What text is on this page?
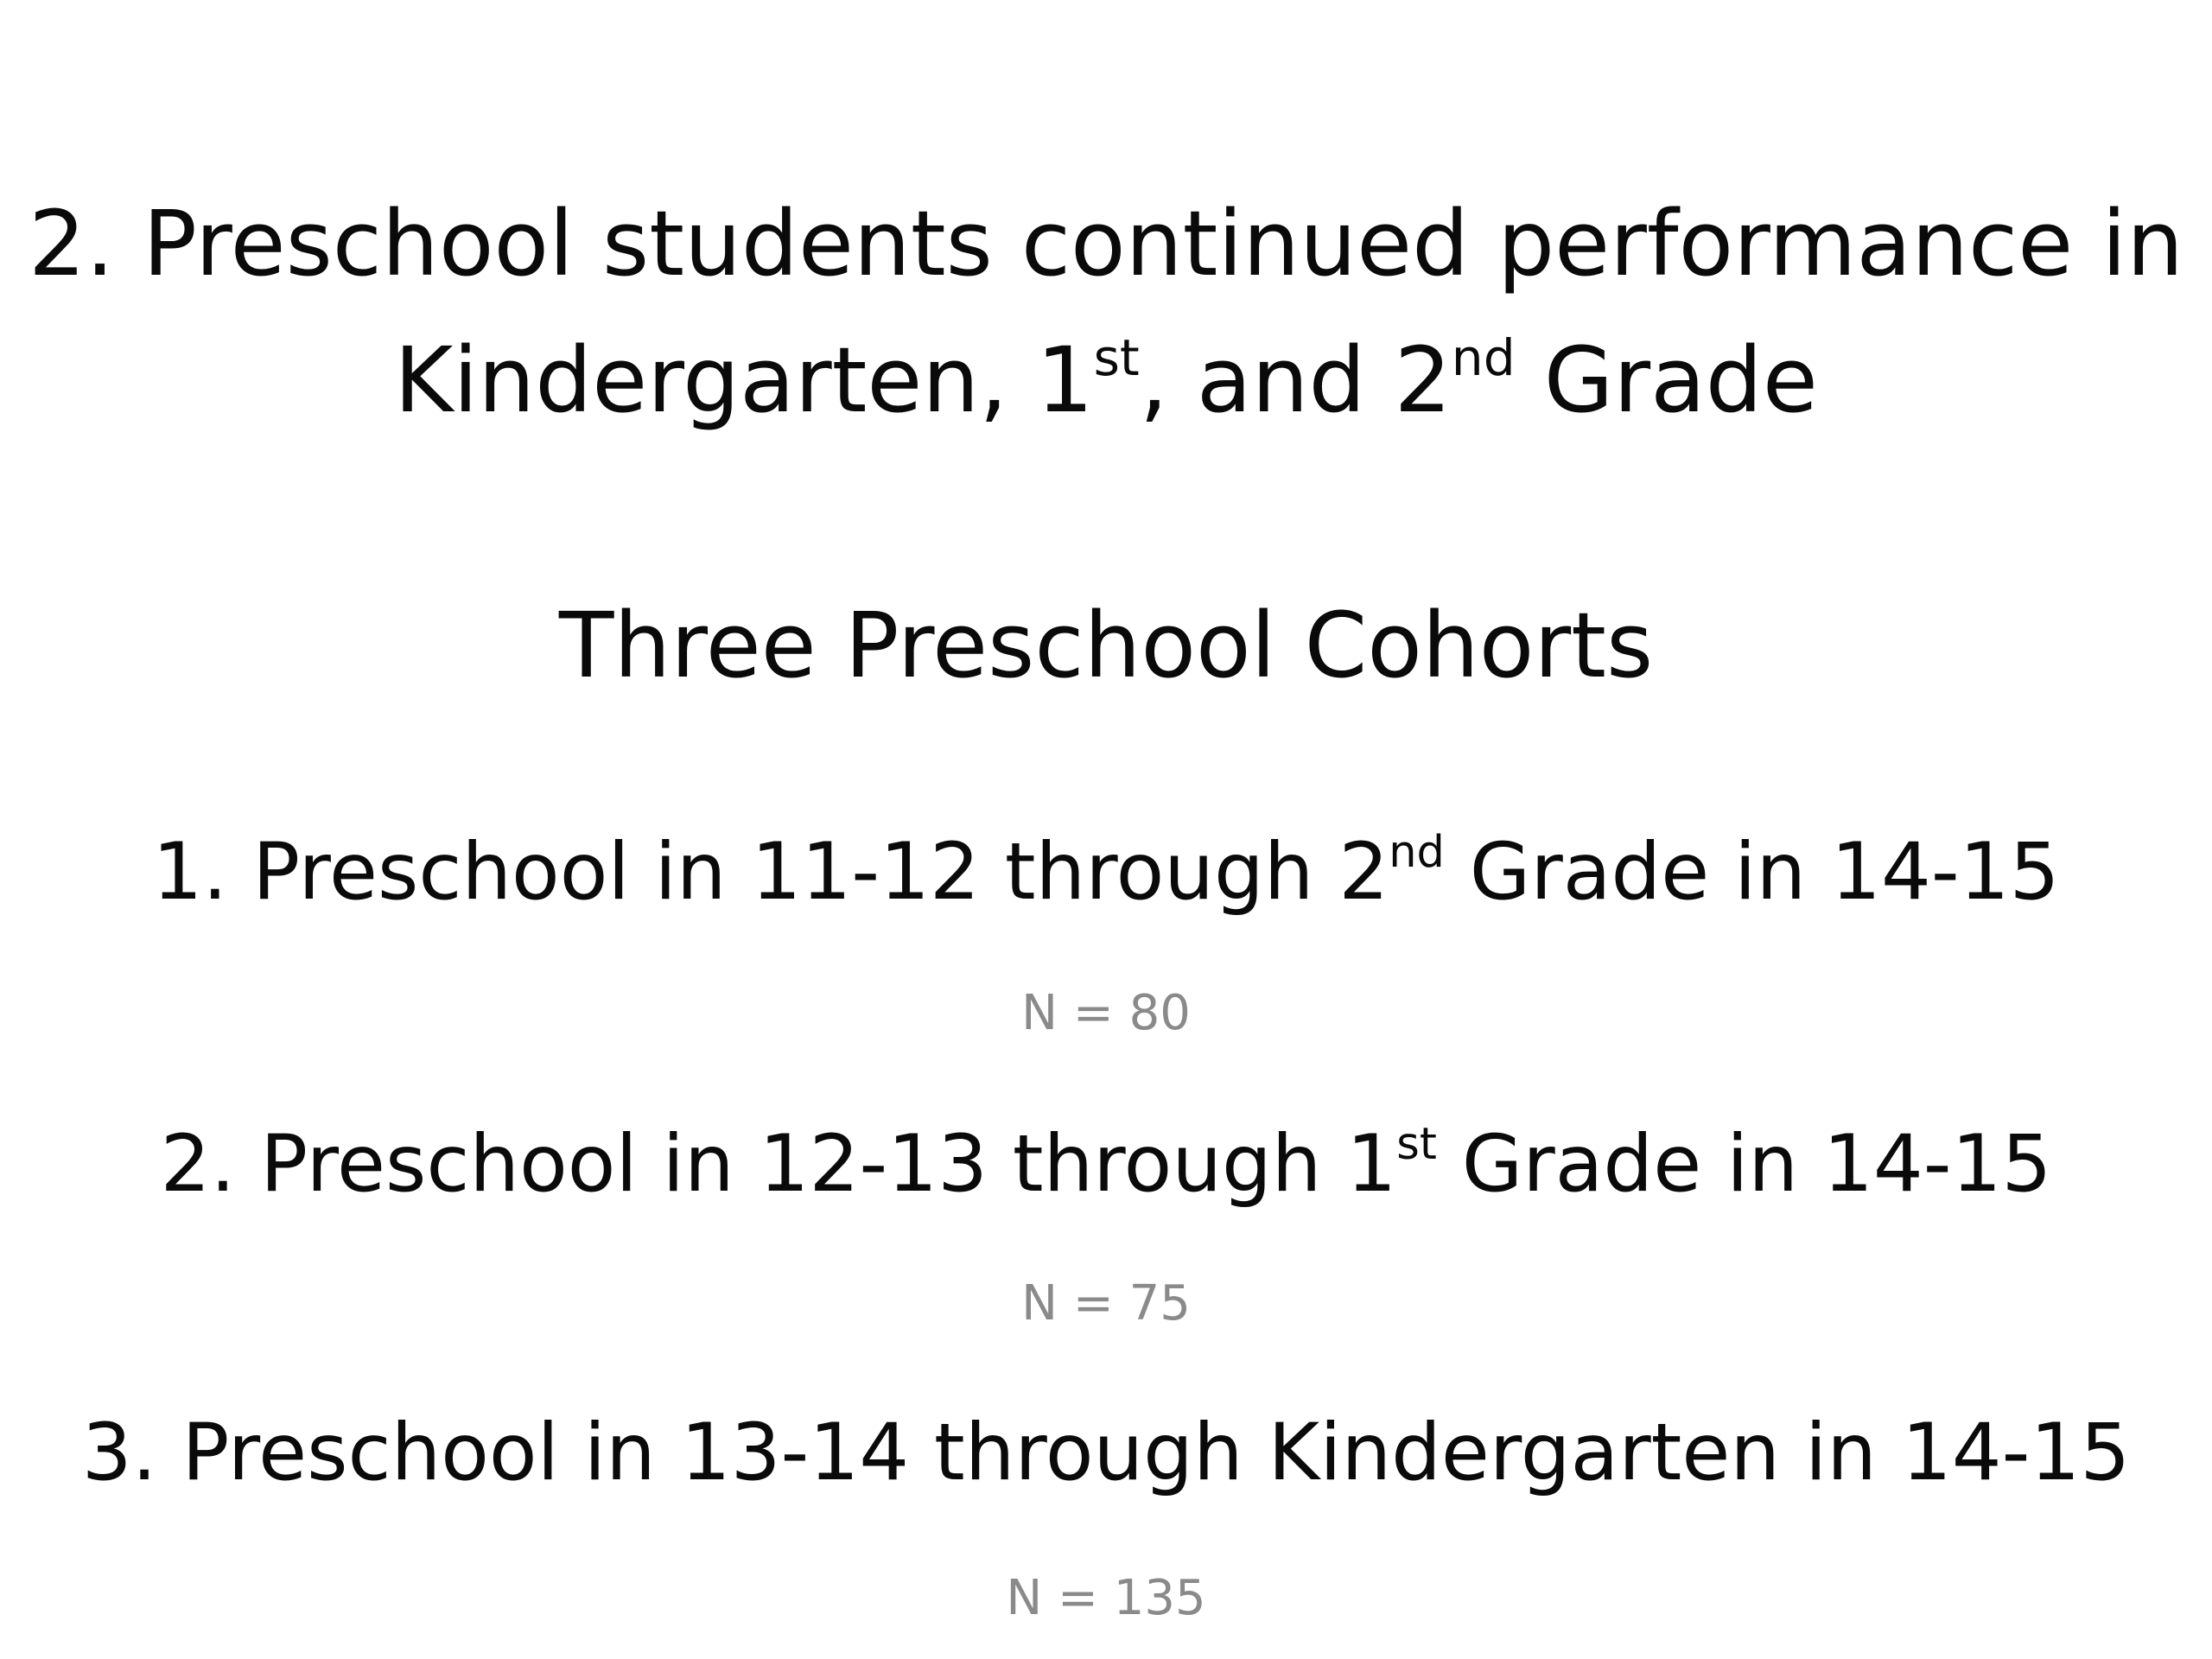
2. Preschool students continued performance in
Kindergarten, 1st, and 2nd Grade
Three Preschool Cohorts
1. Preschool in 11-12 through 2nd Grade in 14-15
N = 80
2. Preschool in 12-13 through 1st Grade in 14-15
N = 75
3. Preschool in 13-14 through Kindergarten in 14-15
N = 135
